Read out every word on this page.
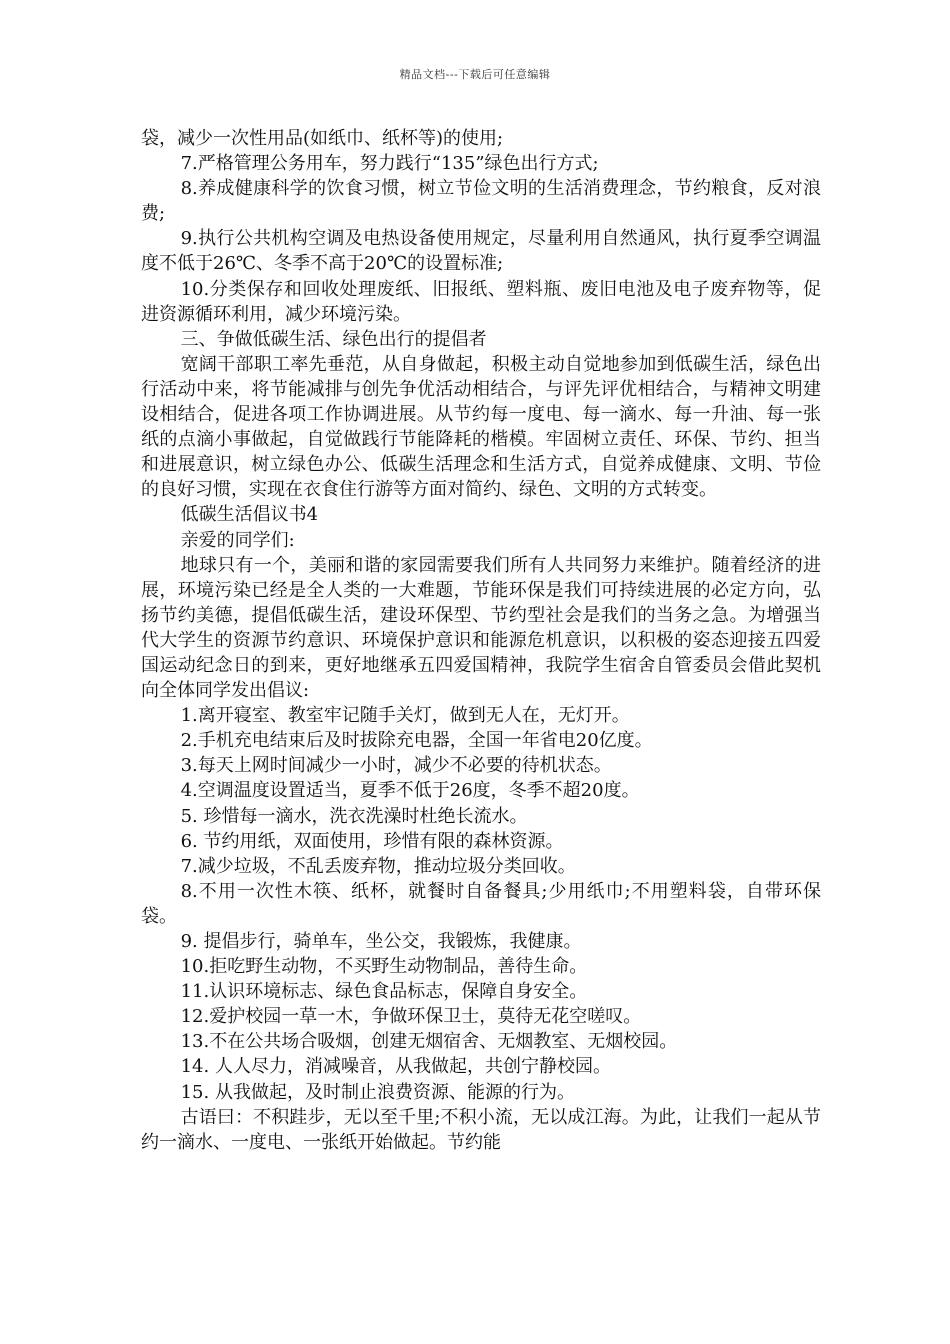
精品文档---下载后可任意编辑

袋，减少一次性用品(如纸巾、纸杯等)的使用;

7.严格管理公务用车，努力践行“135”绿色出行方式;

8.养成健康科学的饮食习惯，树立节俭文明的生活消费理念，节约粮食，反对浪费;

9.执行公共机构空调及电热设备使用规定，尽量利用自然通风，执行夏季空调温度不低于26℃、冬季不高于20℃的设置标准;

10.分类保存和回收处理废纸、旧报纸、塑料瓶、废旧电池及电子废弃物等，促进资源循环利用，减少环境污染。

三、争做低碳生活、绿色出行的提倡者

宽阔干部职工率先垂范，从自身做起，积极主动自觉地参加到低碳生活，绿色出行活动中来，将节能减排与创先争优活动相结合，与评先评优相结合，与精神文明建设相结合，促进各项工作协调进展。从节约每一度电、每一滴水、每一升油、每一张纸的点滴小事做起，自觉做践行节能降耗的楷模。牢固树立责任、环保、节约、担当和进展意识，树立绿色办公、低碳生活理念和生活方式，自觉养成健康、文明、节俭的良好习惯，实现在衣食住行游等方面对简约、绿色、文明的方式转变。

低碳生活倡议书4

亲爱的同学们:

地球只有一个，美丽和谐的家园需要我们所有人共同努力来维护。随着经济的进展，环境污染已经是全人类的一大难题，节能环保是我们可持续进展的必定方向，弘扬节约美德，提倡低碳生活，建设环保型、节约型社会是我们的当务之急。为增强当代大学生的资源节约意识、环境保护意识和能源危机意识，以积极的姿态迎接五四爱国运动纪念日的到来，更好地继承五四爱国精神，我院学生宿舍自管委员会借此契机向全体同学发出倡议:

1.离开寝室、教室牢记随手关灯，做到无人在，无灯开。

2.手机充电结束后及时拔除充电器，全国一年省电20亿度。

3.每天上网时间减少一小时，减少不必要的待机状态。

4.空调温度设置适当，夏季不低于26度，冬季不超20度。

5. 珍惜每一滴水，洗衣洗澡时杜绝长流水。

6. 节约用纸，双面使用，珍惜有限的森林资源。

7.减少垃圾，不乱丢废弃物，推动垃圾分类回收。

8.不用一次性木筷、纸杯，就餐时自备餐具;少用纸巾;不用塑料袋，自带环保袋。

9. 提倡步行，骑单车，坐公交，我锻炼，我健康。

10.拒吃野生动物，不买野生动物制品，善待生命。

11.认识环境标志、绿色食品标志，保障自身安全。

12.爱护校园一草一木，争做环保卫士，莫待无花空嗟叹。

13.不在公共场合吸烟，创建无烟宿舍、无烟教室、无烟校园。

14. 人人尽力，消减噪音，从我做起，共创宁静校园。

15. 从我做起，及时制止浪费资源、能源的行为。

古语曰：不积跬步，无以至千里;不积小流，无以成江海。为此，让我们一起从节约一滴水、一度电、一张纸开始做起。节约能
